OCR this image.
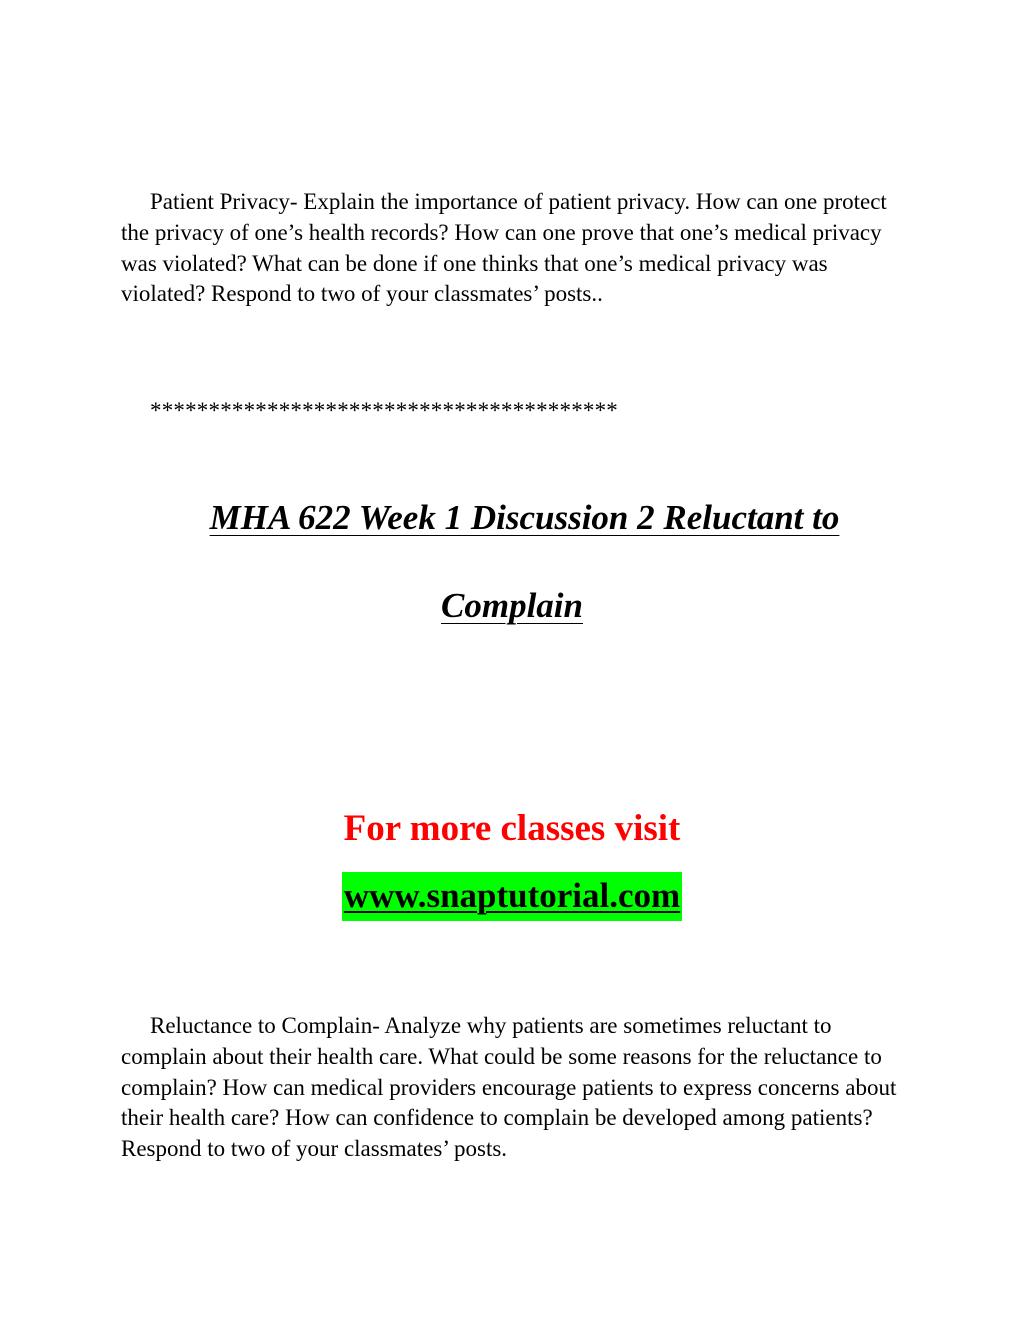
Patient Privacy- Explain the importance of patient privacy. How can one protect the privacy of one’s health records? How can one prove that one’s medical privacy was violated? What can be done if one thinks that one’s medical privacy was violated? Respond to two of your classmates’ posts..

****************************************

MHA 622 Week 1 Discussion 2 Reluctant to
Complain

For more classes visit

www.snaptutorial.com

Reluctance to Complain- Analyze why patients are sometimes reluctant to complain about their health care. What could be some reasons for the reluctance to complain? How can medical providers encourage patients to express concerns about their health care? How can confidence to complain be developed among patients? Respond to two of your classmates’ posts.
